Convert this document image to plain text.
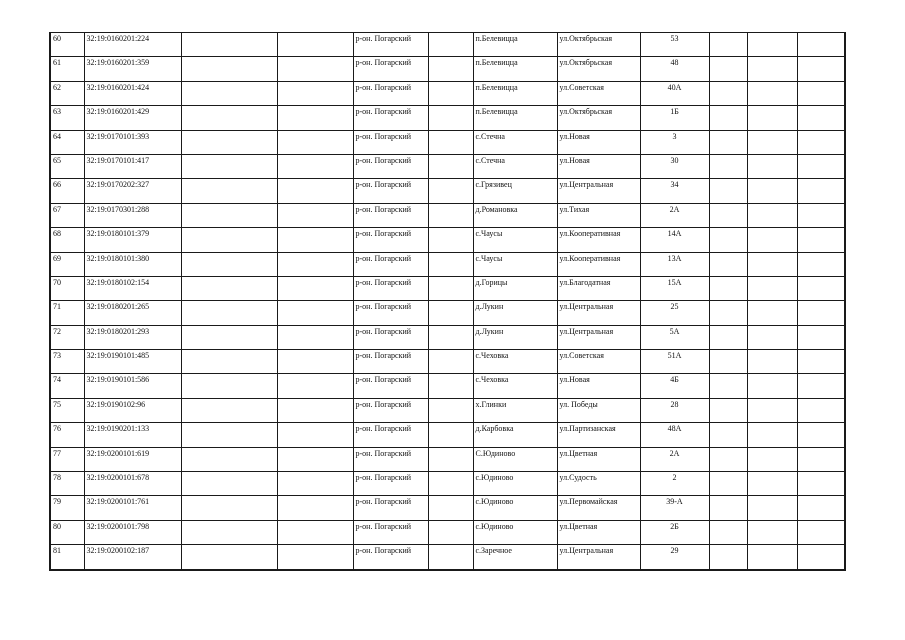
60	32:19:0160201:224			р-он. Погарский		п.Белевицца	ул.Октябрьская	53			
61	32:19:0160201:359			р-он. Погарский		п.Белевицца	ул.Октябрьская	48			
62	32:19:0160201:424			р-он. Погарский		п.Белевицца	ул.Советская	40А			
63	32:19:0160201:429			р-он. Погарский		п.Белевицца	ул.Октябрьская	1Б			
64	32:19:0170101:393			р-он. Погарский		с.Стечна	ул.Новая	3			
65	32:19:0170101:417			р-он. Погарский		с.Стечна	ул.Новая	30			
66	32:19:0170202:327			р-он. Погарский		с.Грязивец	ул.Центральная	34			
67	32:19:0170301:288			р-он. Погарский		д.Романовка	ул.Тихая	2А			
68	32:19:0180101:379			р-он. Погарский		с.Чаусы	ул.Кооперативная	14А			
69	32:19:0180101:380			р-он. Погарский		с.Чаусы	ул.Кооперативная	13А			
70	32:19:0180102:154			р-он. Погарский		д.Горицы	ул.Благодатная	15А			
71	32:19:0180201:265			р-он. Погарский		д.Лукин	ул.Центральная	25			
72	32:19:0180201:293			р-он. Погарский		д.Лукин	ул.Центральная	5А			
73	32:19:0190101:485			р-он. Погарский		с.Чеховка	ул.Советская	51А			
74	32:19:0190101:586			р-он. Погарский		с.Чеховка	ул.Новая	4Б			
75	32:19:0190102:96			р-он. Погарский		х.Глинки	ул. Победы	28			
76	32:19:0190201:133			р-он. Погарский		д.Карбовка	ул.Партизанская	48А			
77	32:19:0200101:619			р-он. Погарский		С.Юдиново	ул.Цветная	2А			
78	32:19:0200101:678			р-он. Погарский		с.Юдиново	ул.Судость	2			
79	32:19:0200101:761			р-он. Погарский		с.Юдиново	ул.Первомайская	39-А			
80	32:19:0200101:798			р-он. Погарский		с.Юдиново	ул.Цветная	2Б			
81	32:19:0200102:187			р-он. Погарский		с.Заречное	ул.Центральная	29			
